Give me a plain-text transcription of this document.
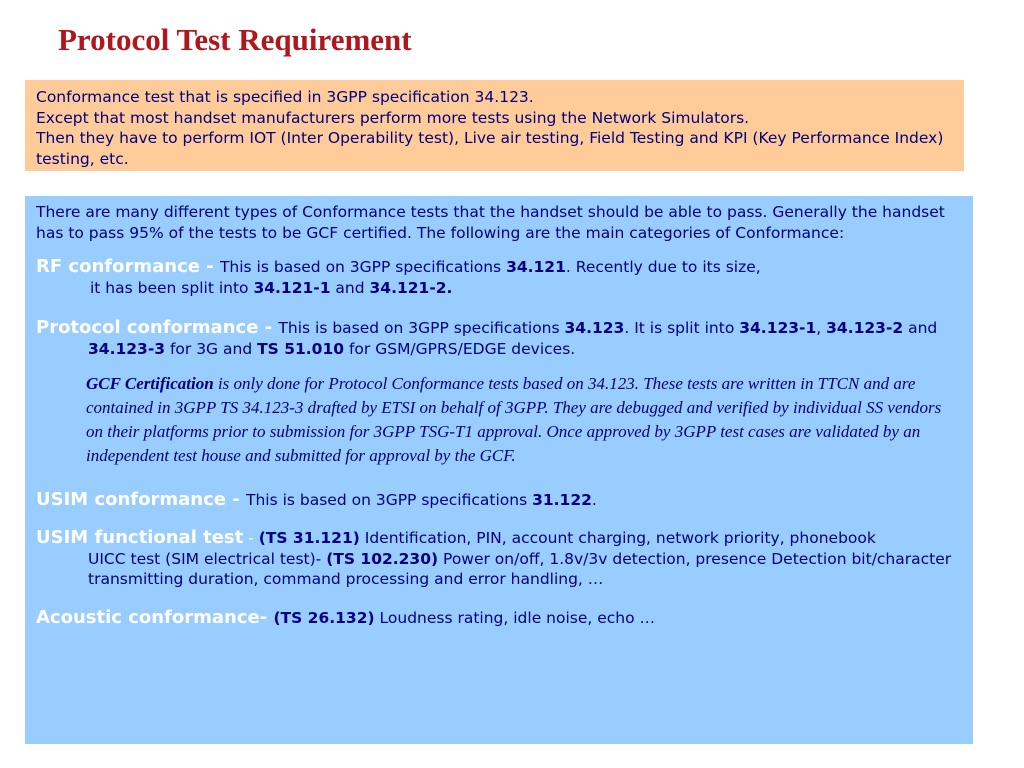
Protocol Test Requirement
Conformance test that is specified in 3GPP specification 34.123.
Except that most handset manufacturers perform more tests using the Network Simulators.
Then they have to perform IOT (Inter Operability test), Live air testing, Field Testing and KPI (Key Performance Index) testing, etc.
There are many different types of Conformance tests that the handset should be able to pass. Generally the handset has to pass 95% of the tests to be GCF certified. The following are the main categories of Conformance:
RF conformance - This is based on 3GPP specifications 34.121. Recently due to its size,
it has been split into 34.121-1 and 34.121-2.
Protocol conformance - This is based on 3GPP specifications 34.123. It is split into 34.123-1, 34.123-2 and 34.123-3 for 3G and TS 51.010 for GSM/GPRS/EDGE devices.
GCF Certification is only done for Protocol Conformance tests based on 34.123. These tests are written in TTCN and are contained in 3GPP TS 34.123-3 drafted by ETSI on behalf of 3GPP. They are debugged and verified by individual SS vendors on their platforms prior to submission for 3GPP TSG-T1 approval. Once approved by 3GPP test cases are validated by an independent test house and submitted for approval by the GCF.
USIM conformance - This is based on 3GPP specifications 31.122.
USIM functional test - (TS 31.121) Identification, PIN, account charging, network priority, phonebook
UICC test (SIM electrical test)- (TS 102.230) Power on/off, 1.8v/3v detection, presence Detection bit/character transmitting duration, command processing and error handling, …
Acoustic conformance- (TS 26.132) Loudness rating, idle noise, echo …
